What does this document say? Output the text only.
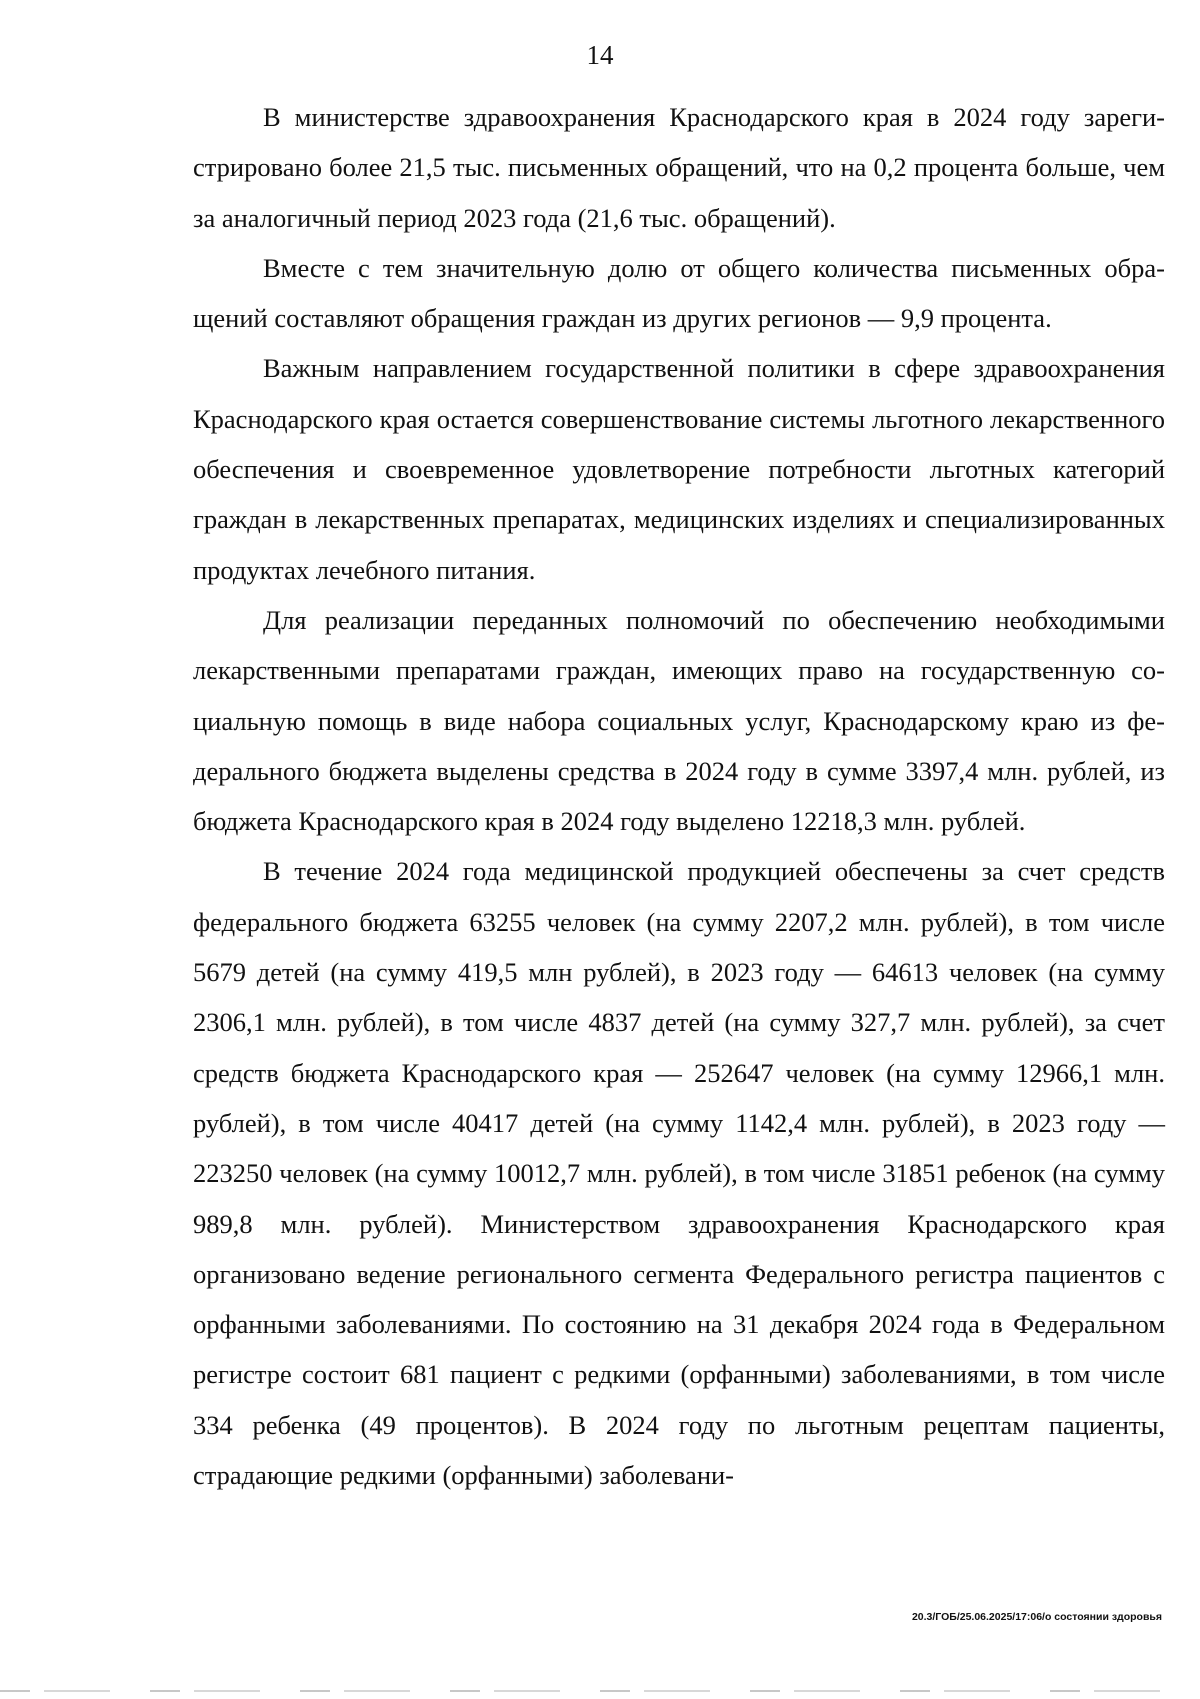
14

В министерстве здравоохранения Краснодарского края в 2024 году зарегистрировано более 21,5 тыс. письменных обращений, что на 0,2 процента больше, чем за аналогичный период 2023 года (21,6 тыс. обращений).

Вместе с тем значительную долю от общего количества письменных обращений составляют обращения граждан из других регионов — 9,9 процента.

Важным направлением государственной политики в сфере здравоохранения Краснодарского края остается совершенствование системы льготного лекарственного обеспечения и своевременное удовлетворение потребности льготных категорий граждан в лекарственных препаратах, медицинских изделиях и специализированных продуктах лечебного питания.

Для реализации переданных полномочий по обеспечению необходимыми лекарственными препаратами граждан, имеющих право на государственную социальную помощь в виде набора социальных услуг, Краснодарскому краю из федерального бюджета выделены средства в 2024 году в сумме 3397,4 млн. рублей, из бюджета Краснодарского края в 2024 году выделено 12218,3 млн. рублей.

В течение 2024 года медицинской продукцией обеспечены за счет средств федерального бюджета 63255 человек (на сумму 2207,2 млн. рублей), в том числе 5679 детей (на сумму 419,5 млн рублей), в 2023 году — 64613 человек (на сумму 2306,1 млн. рублей), в том числе 4837 детей (на сумму 327,7 млн. рублей), за счет средств бюджета Краснодарского края — 252647 человек (на сумму 12966,1 млн. рублей), в том числе 40417 детей (на сумму 1142,4 млн. рублей), в 2023 году — 223250 человек (на сумму 10012,7 млн. рублей), в том числе 31851 ребенок (на сумму 989,8 млн. рублей). Министерством здравоохранения Краснодарского края организовано ведение регионального сегмента Федерального регистра пациентов с орфанными заболеваниями. По состоянию на 31 декабря 2024 года в Федеральном регистре состоит 681 пациент с редкими (орфанными) заболеваниями, в том числе 334 ребенка (49 процентов). В 2024 году по льготным рецептам пациенты, страдающие редкими (орфанными) заболевани-

20.3/ГОБ/25.06.2025/17:06/о состоянии здоровья
